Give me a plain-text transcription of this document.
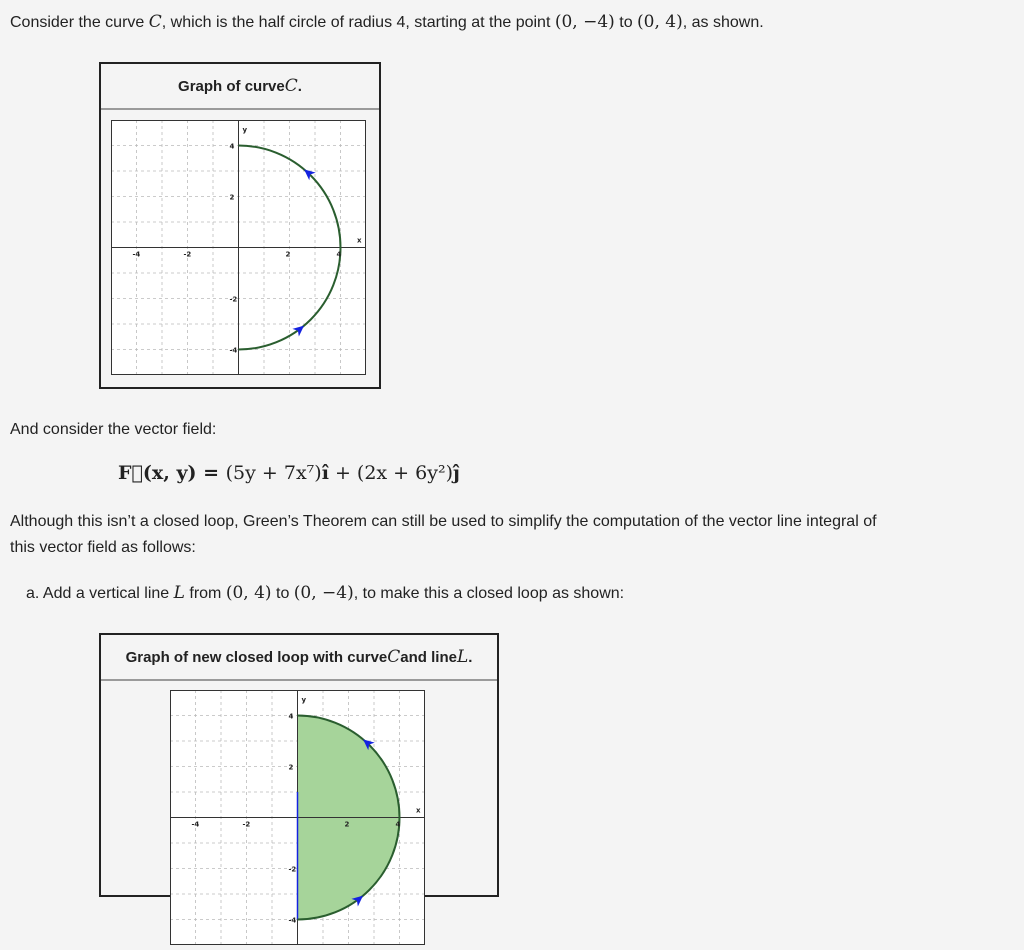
Consider the curve C, which is the half circle of radius 4, starting at the point (0, −4) to (0, 4), as shown.
Graph of curve C .
-4
-4
-2
-2
2
2
4
4
y
x
And consider the vector field:
F⃗(x, y) = (5y + 7x⁷)î + (2x + 6y²)ĵ
Although this isn’t a closed loop, Green’s Theorem can still be used to simplify the computation of the vector line integral of
this vector field as follows:
a. Add a vertical line L from (0, 4) to (0, −4), to make this a closed loop as shown:
Graph of new closed loop with curve C and line L .
-4
-4
-2
-2
2
2
4
4
y
x
